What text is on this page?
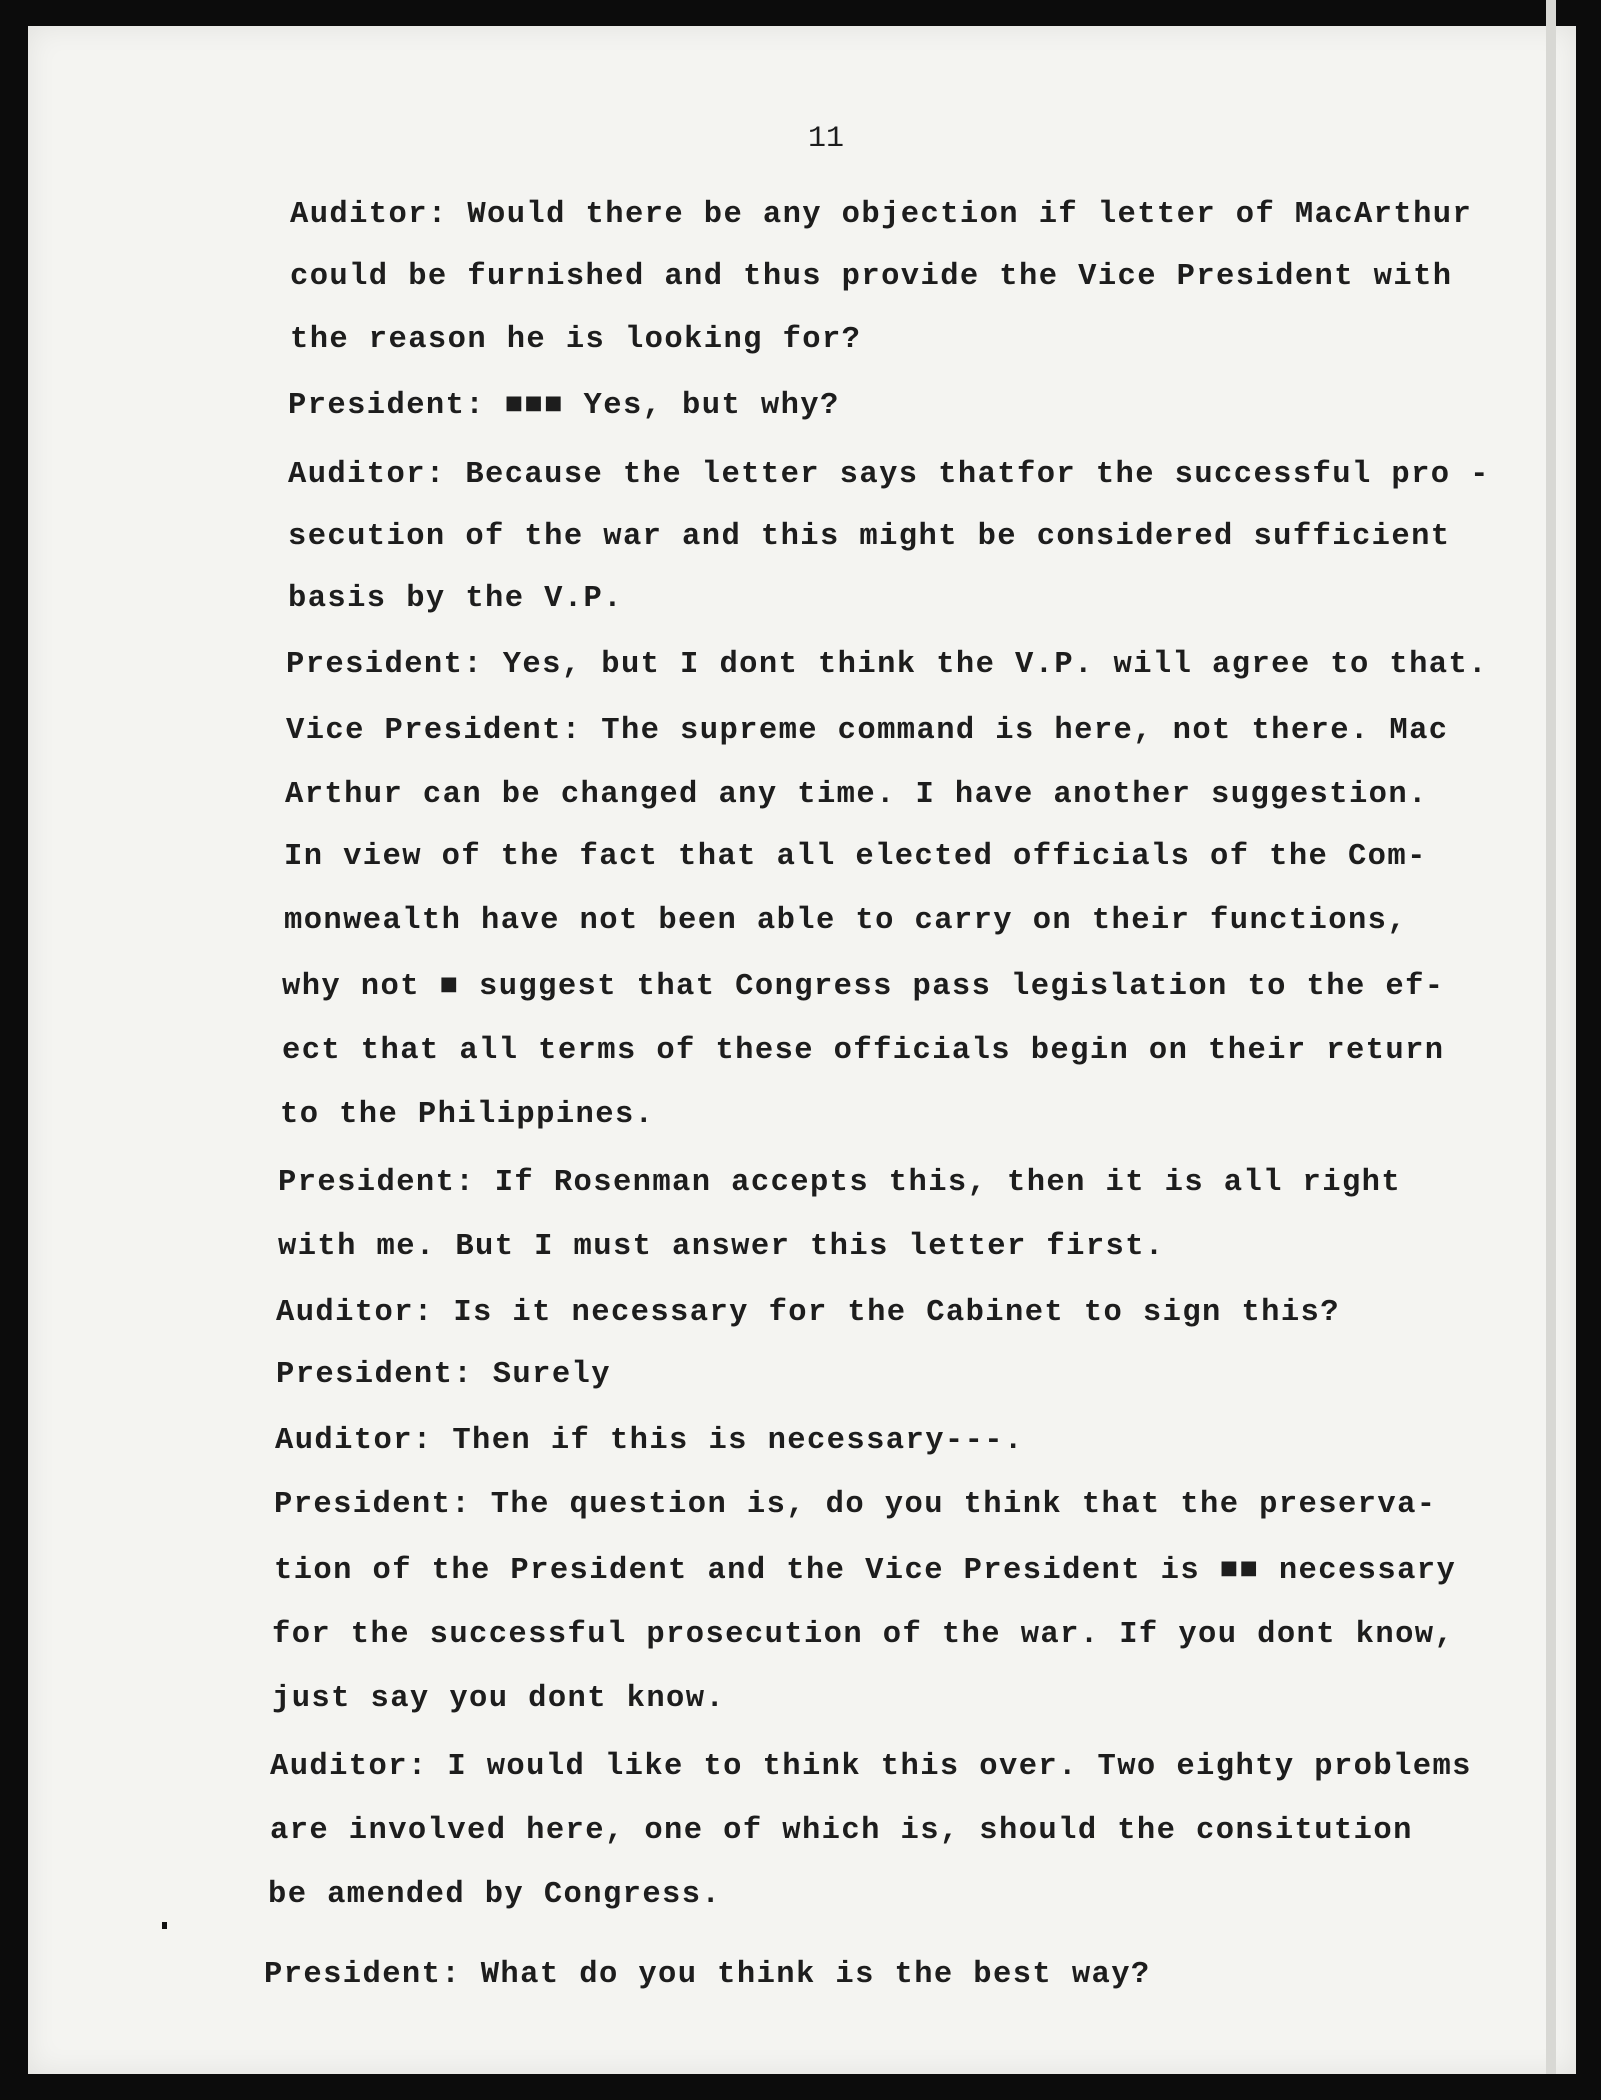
11
Auditor: Would there be any objection if letter of MacArthur
could be furnished and thus provide the Vice President with
the reason he is looking for?
President: ■■■ Yes, but why?
Auditor: Because the letter says thatfor the successful pro -
secution of the war and this might be considered sufficient
basis by the V.P.
President: Yes, but I dont think the V.P. will agree to that.
Vice President: The supreme command is here, not there. Mac
Arthur can be changed any time. I have another suggestion.
In view of the fact that all elected officials of the Com-
monwealth have not been able to carry on their functions,
why not ■ suggest that Congress pass legislation to the ef-
ect that all terms of these officials begin on their return
to the Philippines.
President: If Rosenman accepts this, then it is all right
with me. But I must answer this letter first.
Auditor: Is it necessary for the Cabinet to sign this?
President: Surely
Auditor: Then if this is necessary---.
President: The question is, do you think that the preserva-
tion of the President and the Vice President is ■■ necessary
for the successful prosecution of the war. If you dont know,
just say you dont know.
Auditor: I would like to think this over. Two eighty problems
are involved here, one of which is, should the consitution
be amended by Congress.
President: What do you think is the best way?
